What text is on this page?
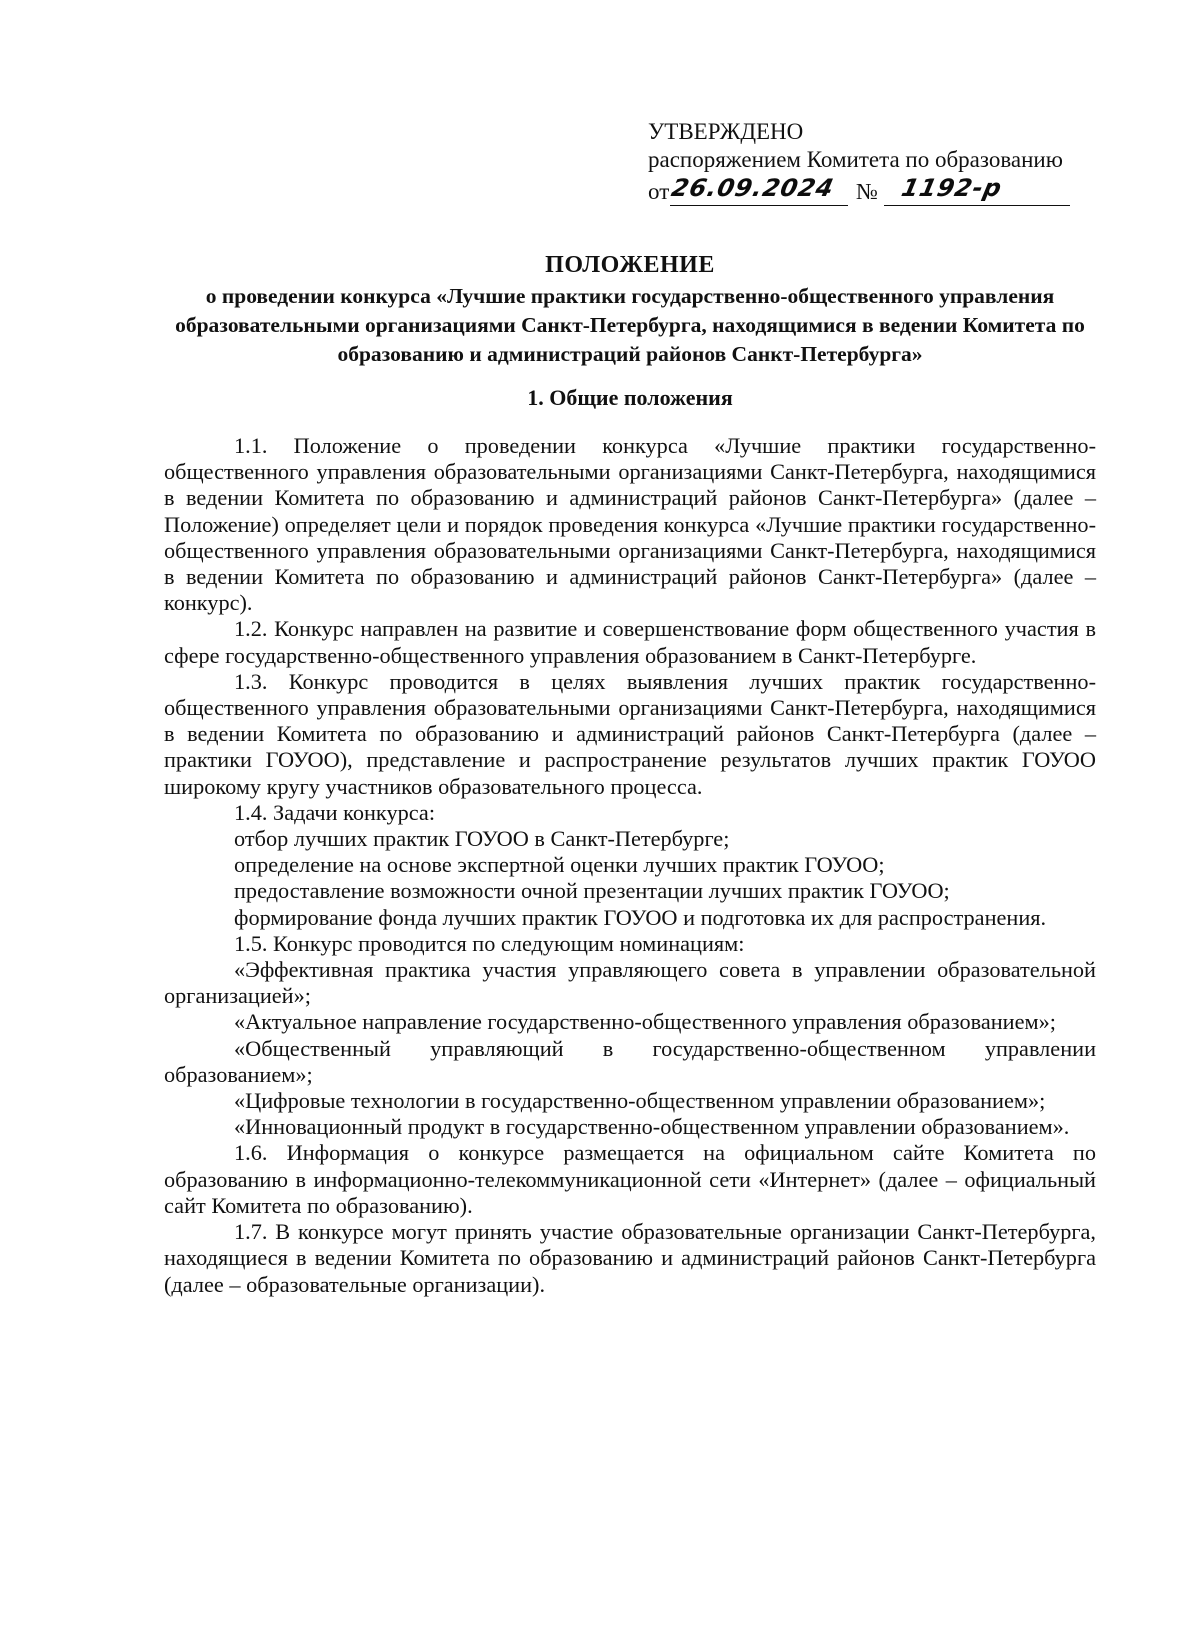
УТВЕРЖДЕНО
распоряжением Комитета по образованию
от 26.09.2024 № 1192-р
ПОЛОЖЕНИЕ
о проведении конкурса «Лучшие практики государственно-общественного управления образовательными организациями Санкт-Петербурга, находящимися в ведении Комитета по образованию и администраций районов Санкт-Петербурга»
1. Общие положения

1.1. Положение о проведении конкурса «Лучшие практики государственно-общественного управления образовательными организациями Санкт-Петербурга, находящимися в ведении Комитета по образованию и администраций районов Санкт-Петербурга» (далее – Положение) определяет цели и порядок проведения конкурса «Лучшие практики государственно-общественного управления образовательными организациями Санкт-Петербурга, находящимися в ведении Комитета по образованию и администраций районов Санкт-Петербурга» (далее – конкурс).

1.2. Конкурс направлен на развитие и совершенствование форм общественного участия в сфере государственно-общественного управления образованием в Санкт-Петербурге.

1.3. Конкурс проводится в целях выявления лучших практик государственно-общественного управления образовательными организациями Санкт-Петербурга, находящимися в ведении Комитета по образованию и администраций районов Санкт-Петербурга (далее – практики ГОУОО), представление и распространение результатов лучших практик ГОУОО широкому кругу участников образовательного процесса.

1.4. Задачи конкурса:

отбор лучших практик ГОУОО в Санкт-Петербурге;

определение на основе экспертной оценки лучших практик ГОУОО;

предоставление возможности очной презентации лучших практик ГОУОО;

формирование фонда лучших практик ГОУОО и подготовка их для распространения.

1.5. Конкурс проводится по следующим номинациям:

«Эффективная практика участия управляющего совета в управлении образовательной организацией»;

«Актуальное направление государственно-общественного управления образованием»;

«Общественный управляющий в государственно-общественном управлении образованием»;

«Цифровые технологии в государственно-общественном управлении образованием»;

«Инновационный продукт в государственно-общественном управлении образованием».

1.6. Информация о конкурсе размещается на официальном сайте Комитета по образованию в информационно-телекоммуникационной сети «Интернет» (далее – официальный сайт Комитета по образованию).

1.7. В конкурсе могут принять участие образовательные организации Санкт-Петербурга, находящиеся в ведении Комитета по образованию и администраций районов Санкт-Петербурга (далее – образовательные организации).
